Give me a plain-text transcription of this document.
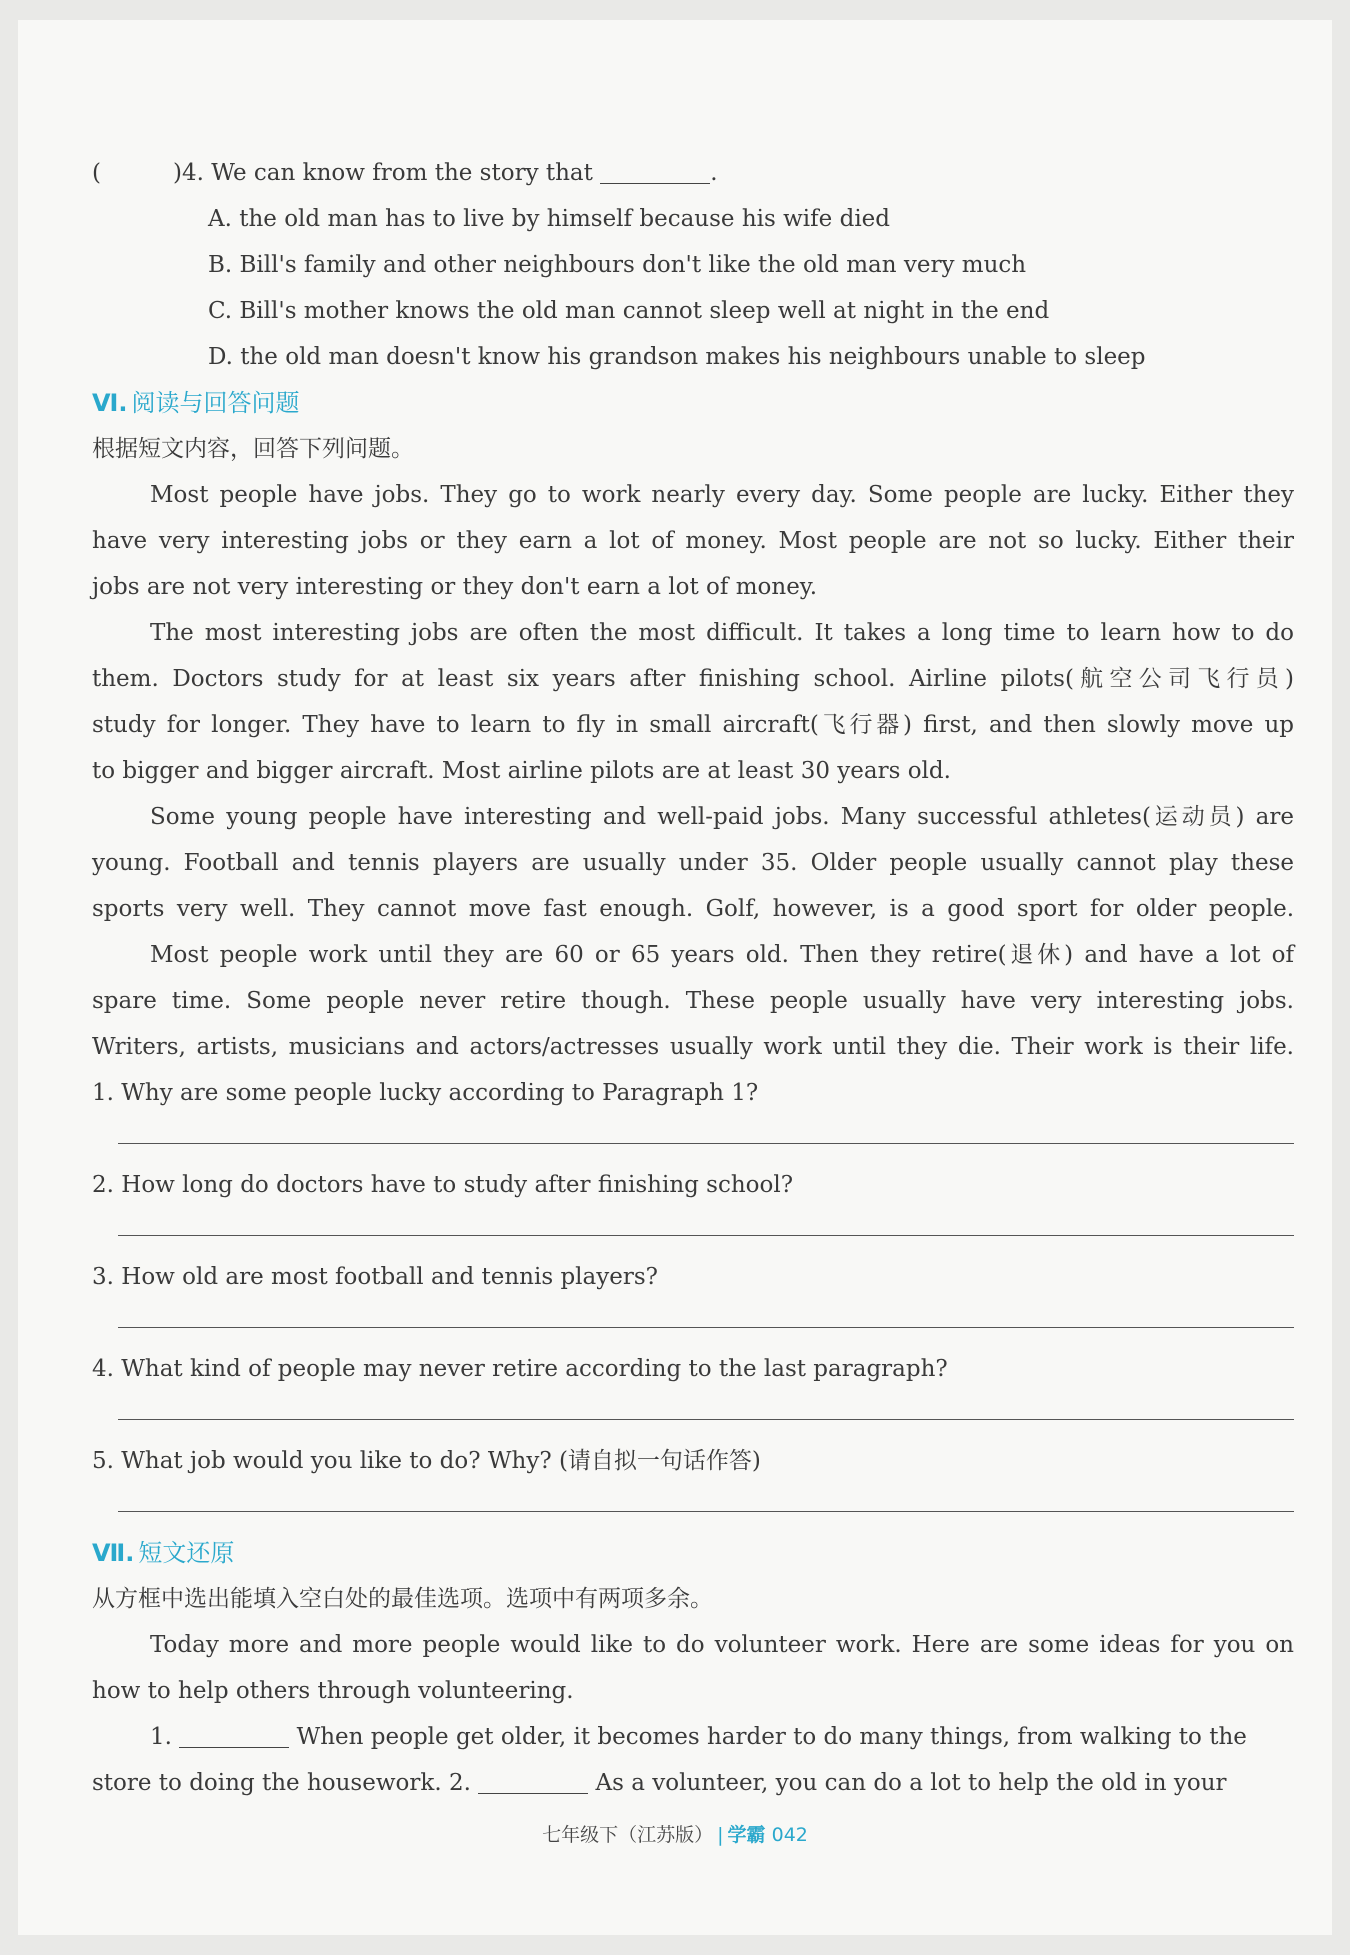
(	)4. We can know from the story that	.
A. the old man has to live by himself because his wife died
B. Bill's family and other neighbours don't like the old man very much
C. Bill's mother knows the old man cannot sleep well at night in the end
D. the old man doesn't know his grandson makes his neighbours unable to sleep
Ⅵ. 阅读与回答问题
根据短文内容，回答下列问题。
Most people have jobs. They go to work nearly every day. Some people are lucky. Either they
have very interesting jobs or they earn a lot of money. Most people are not so lucky. Either their
jobs are not very interesting or they don't earn a lot of money.
The most interesting jobs are often the most difficult. It takes a long time to learn how to do
them. Doctors study for at least six years after finishing school. Airline pilots(航空公司飞行员)
study for longer. They have to learn to fly in small aircraft(飞行器) first, and then slowly move up
to bigger and bigger aircraft. Most airline pilots are at least 30 years old.
Some young people have interesting and well-paid jobs. Many successful athletes(运动员) are
young. Football and tennis players are usually under 35. Older people usually cannot play these
sports very well. They cannot move fast enough. Golf, however, is a good sport for older people.
Most people work until they are 60 or 65 years old. Then they retire(退休) and have a lot of
spare time. Some people never retire though. These people usually have very interesting jobs.
Writers, artists, musicians and actors/actresses usually work until they die. Their work is their life.
1. Why are some people lucky according to Paragraph 1?
2. How long do doctors have to study after finishing school?
3. How old are most football and tennis players?
4. What kind of people may never retire according to the last paragraph?
5. What job would you like to do? Why? (请自拟一句话作答)
Ⅶ. 短文还原
从方框中选出能填入空白处的最佳选项。选项中有两项多余。
Today more and more people would like to do volunteer work. Here are some ideas for you on
how to help others through volunteering.
1.	When people get older, it becomes harder to do many things, from walking to the
store to doing the housework. 2.	As a volunteer, you can do a lot to help the old in your
七年级下（江苏版） | 学霸 042
